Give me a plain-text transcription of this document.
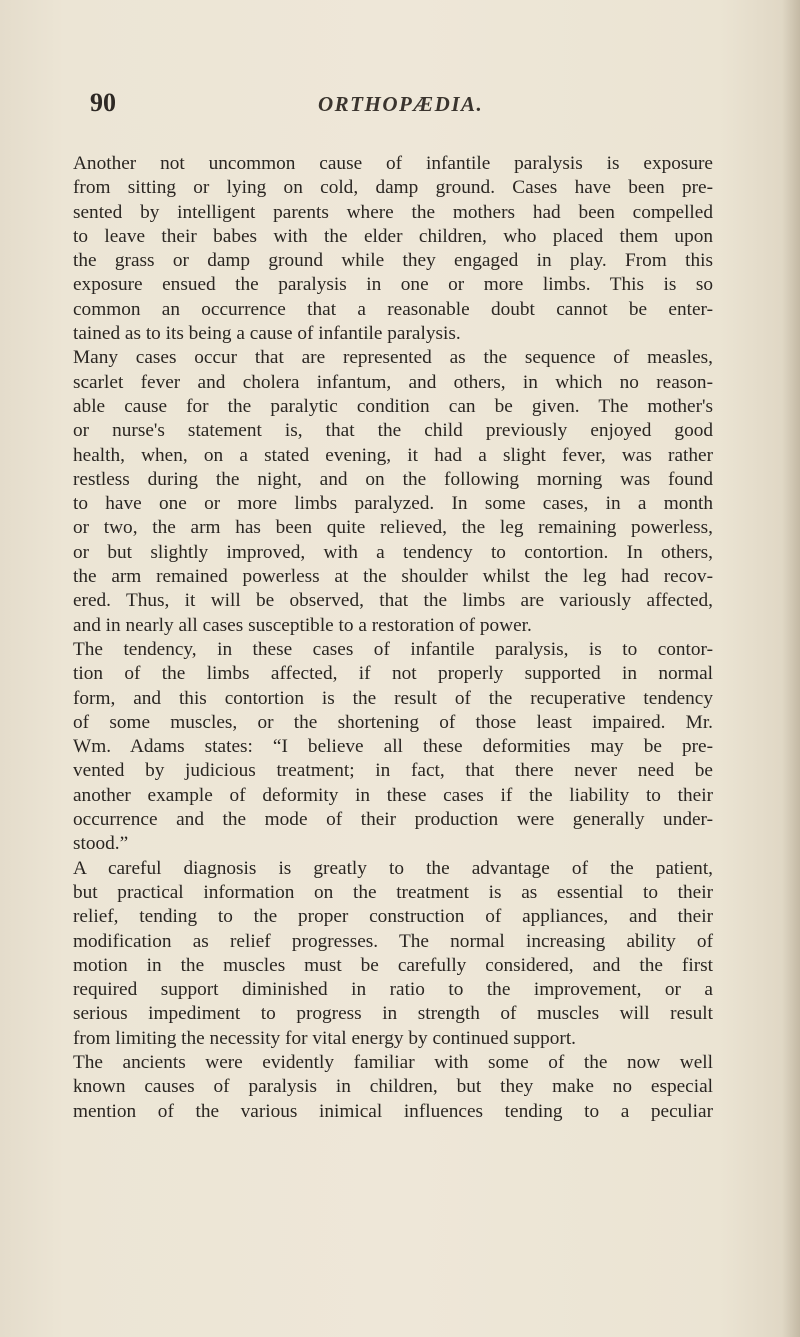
90	ORTHOPÆDIA.
Another not uncommon cause of infantile paralysis is exposure
from sitting or lying on cold, damp ground. Cases have been pre-
sented by intelligent parents where the mothers had been compelled
to leave their babes with the elder children, who placed them upon
the grass or damp ground while they engaged in play. From this
exposure ensued the paralysis in one or more limbs. This is so
common an occurrence that a reasonable doubt cannot be enter-
tained as to its being a cause of infantile paralysis.
Many cases occur that are represented as the sequence of measles,
scarlet fever and cholera infantum, and others, in which no reason-
able cause for the paralytic condition can be given. The mother's
or nurse's statement is, that the child previously enjoyed good
health, when, on a stated evening, it had a slight fever, was rather
restless during the night, and on the following morning was found
to have one or more limbs paralyzed. In some cases, in a month
or two, the arm has been quite relieved, the leg remaining powerless,
or but slightly improved, with a tendency to contortion. In others,
the arm remained powerless at the shoulder whilst the leg had recov-
ered. Thus, it will be observed, that the limbs are variously affected,
and in nearly all cases susceptible to a restoration of power.
The tendency, in these cases of infantile paralysis, is to contor-
tion of the limbs affected, if not properly supported in normal
form, and this contortion is the result of the recuperative tendency
of some muscles, or the shortening of those least impaired. Mr.
Wm. Adams states: “I believe all these deformities may be pre-
vented by judicious treatment; in fact, that there never need be
another example of deformity in these cases if the liability to their
occurrence and the mode of their production were generally under-
stood.”
A careful diagnosis is greatly to the advantage of the patient,
but practical information on the treatment is as essential to their
relief, tending to the proper construction of appliances, and their
modification as relief progresses. The normal increasing ability of
motion in the muscles must be carefully considered, and the first
required support diminished in ratio to the improvement, or a
serious impediment to progress in strength of muscles will result
from limiting the necessity for vital energy by continued support.
The ancients were evidently familiar with some of the now well
known causes of paralysis in children, but they make no especial
mention of the various inimical influences tending to a peculiar
